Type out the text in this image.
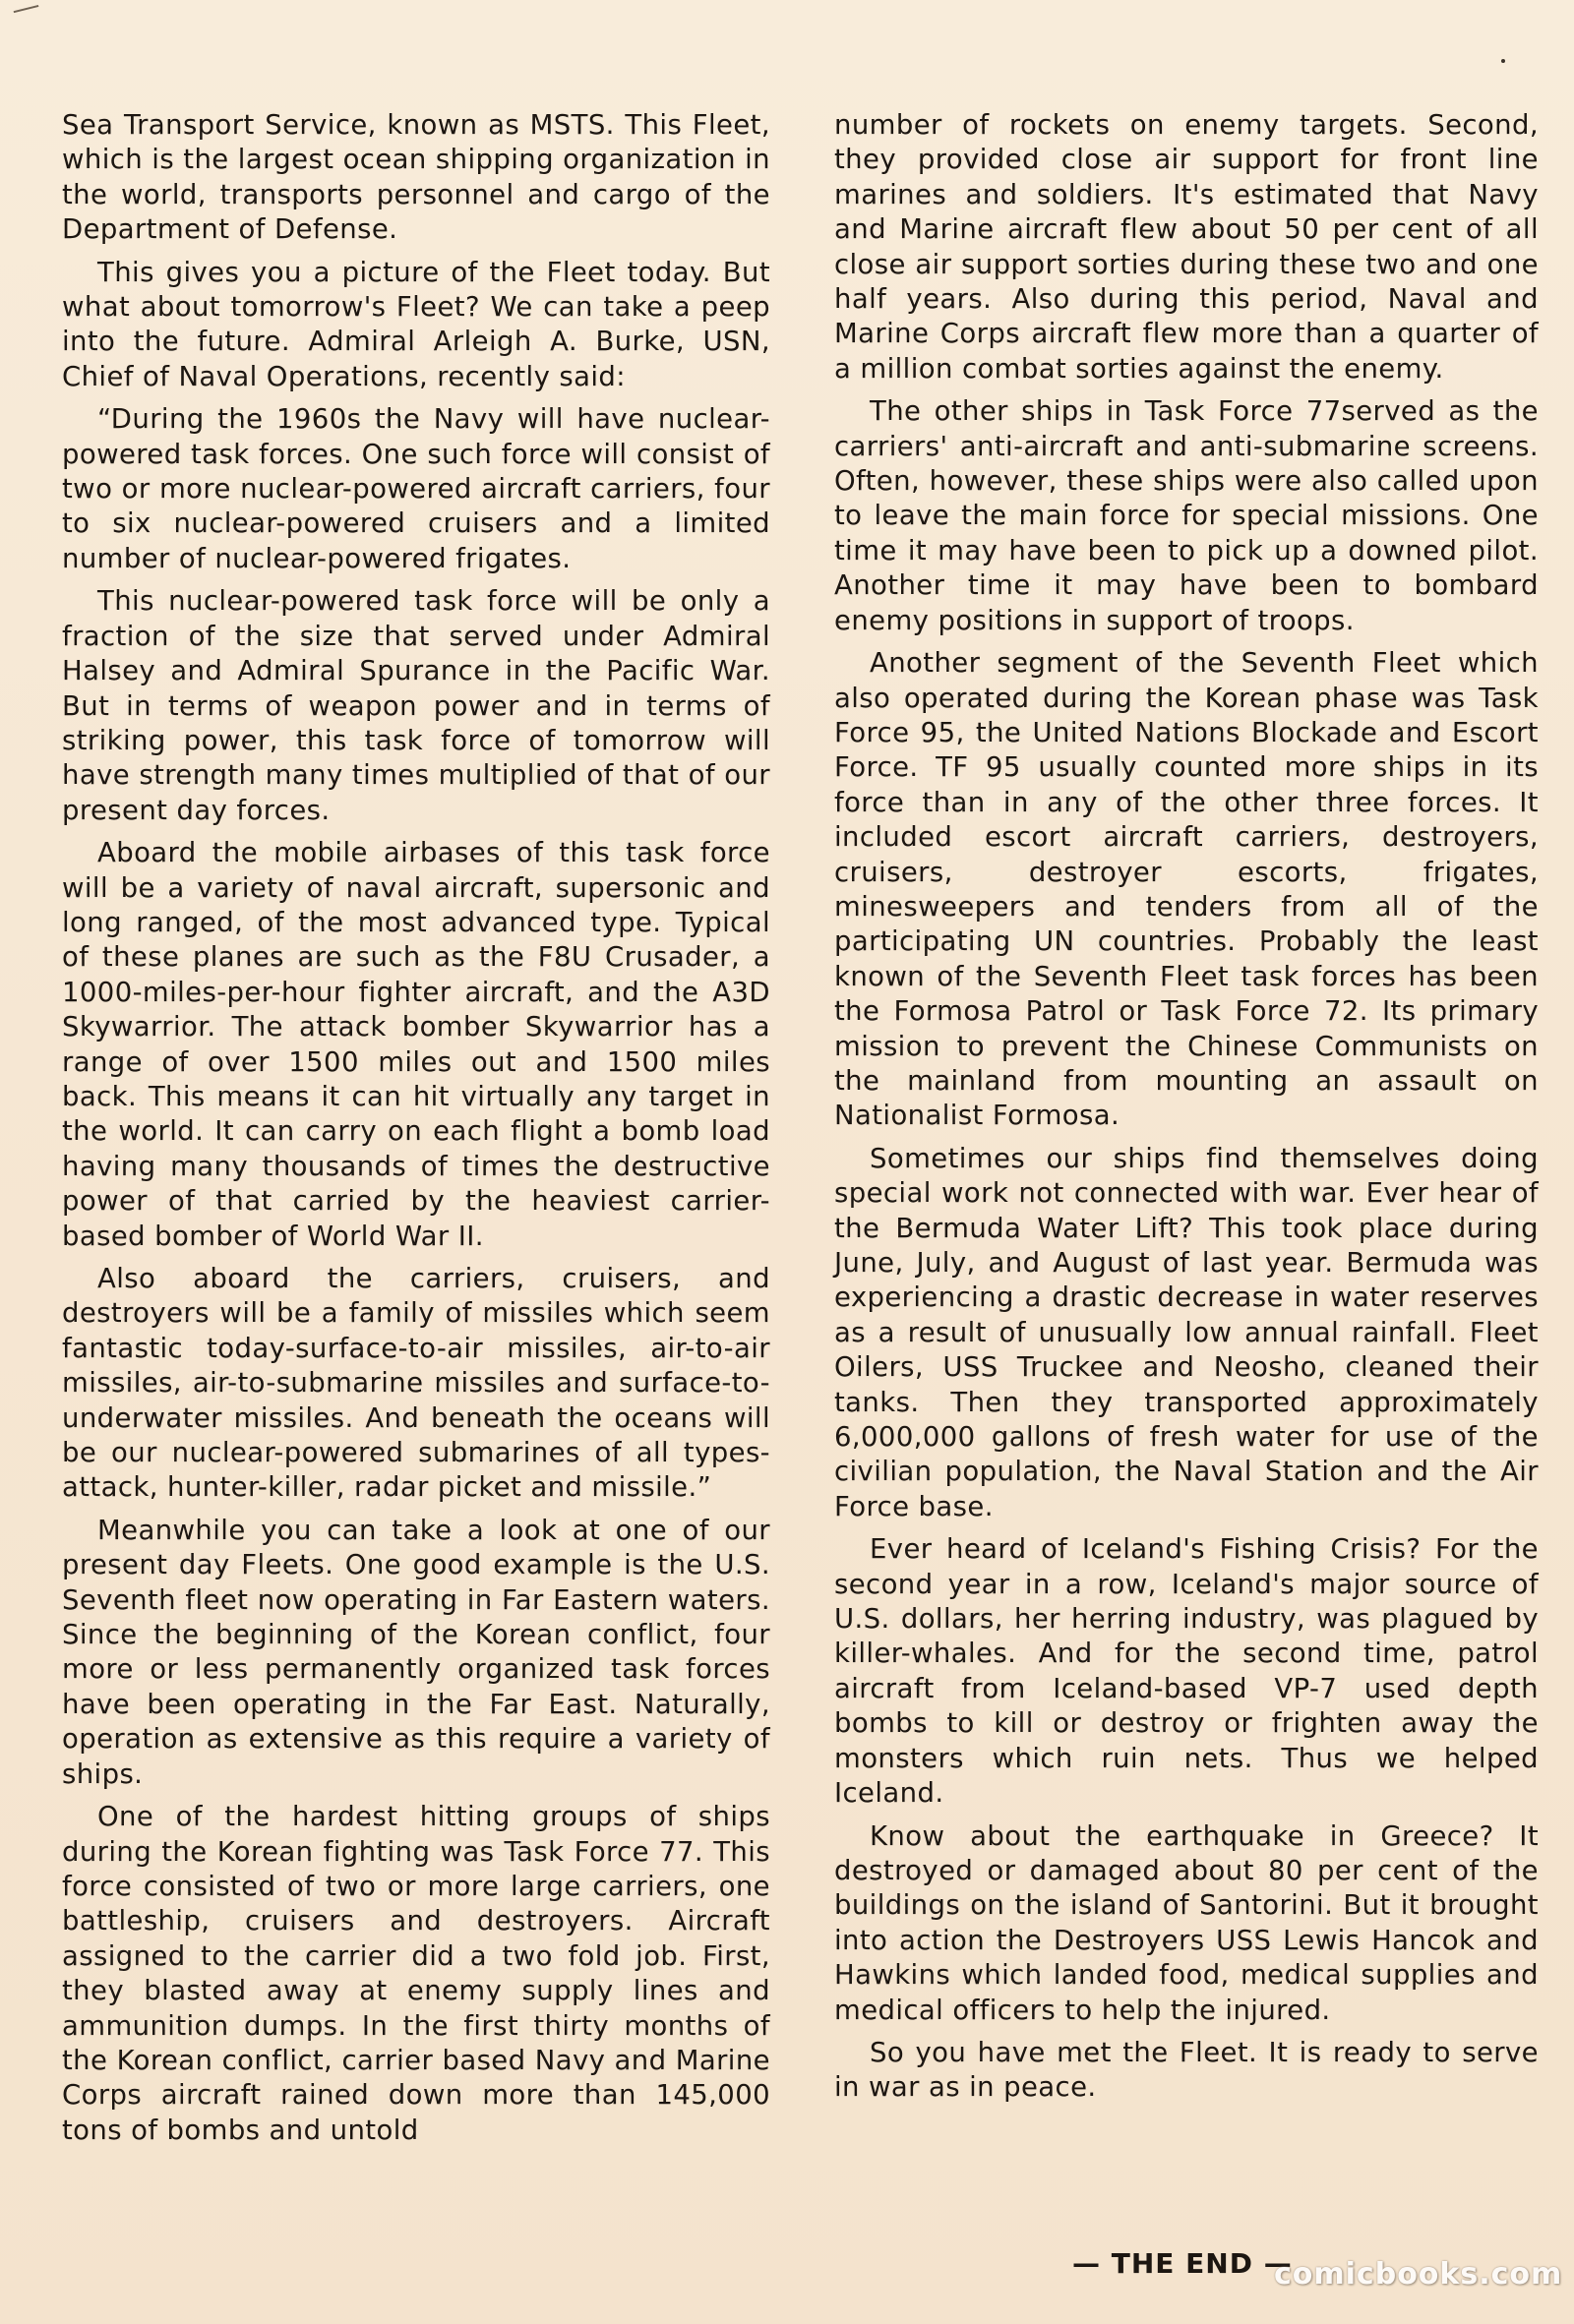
Sea Transport Service, known as MSTS. This Fleet, which is the largest ocean shipping organization in the world, transports personnel and cargo of the Department of Defense.

This gives you a picture of the Fleet today. But what about tomorrow's Fleet? We can take a peep into the future. Admiral Arleigh A. Burke, USN, Chief of Naval Operations, recently said:

“During the 1960s the Navy will have nuclear-powered task forces. One such force will consist of two or more nuclear-powered aircraft carriers, four to six nuclear-powered cruisers and a limited number of nuclear-powered frigates.

This nuclear-powered task force will be only a fraction of the size that served under Admiral Halsey and Admiral Spurance in the Pacific War. But in terms of weapon power and in terms of striking power, this task force of tomorrow will have strength many times multiplied of that of our present day forces.

Aboard the mobile airbases of this task force will be a variety of naval aircraft, supersonic and long ranged, of the most advanced type. Typical of these planes are such as the F8U Crusader, a 1000-miles-per-hour fighter aircraft, and the A3D Skywarrior. The attack bomber Skywarrior has a range of over 1500 miles out and 1500 miles back. This means it can hit virtually any target in the world. It can carry on each flight a bomb load having many thousands of times the destructive power of that carried by the heaviest carrier-based bomber of World War II.

Also aboard the carriers, cruisers, and destroyers will be a family of missiles which seem fantastic today-surface-to-air missiles, air-to-air missiles, air-to-submarine missiles and surface-to-underwater missiles. And beneath the oceans will be our nuclear-powered submarines of all types-attack, hunter-killer, radar picket and missile.”

Meanwhile you can take a look at one of our present day Fleets. One good example is the U.S. Seventh fleet now operating in Far Eastern waters. Since the beginning of the Korean conflict, four more or less permanently organized task forces have been operating in the Far East. Naturally, operation as extensive as this require a variety of ships.

One of the hardest hitting groups of ships during the Korean fighting was Task Force 77. This force consisted of two or more large carriers, one battleship, cruisers and destroyers. Aircraft assigned to the carrier did a two fold job. First, they blasted away at enemy supply lines and ammunition dumps. In the first thirty months of the Korean conflict, carrier based Navy and Marine Corps aircraft rained down more than 145,000 tons of bombs and untold

number of rockets on enemy targets. Second, they provided close air support for front line marines and soldiers. It's estimated that Navy and Marine aircraft flew about 50 per cent of all close air support sorties during these two and one half years. Also during this period, Naval and Marine Corps aircraft flew more than a quarter of a million combat sorties against the enemy.

The other ships in Task Force 77served as the carriers' anti-aircraft and anti-submarine screens. Often, however, these ships were also called upon to leave the main force for special missions. One time it may have been to pick up a downed pilot. Another time it may have been to bombard enemy positions in support of troops.

Another segment of the Seventh Fleet which also operated during the Korean phase was Task Force 95, the United Nations Blockade and Escort Force. TF 95 usually counted more ships in its force than in any of the other three forces. It included escort aircraft carriers, destroyers, cruisers, destroyer escorts, frigates, minesweepers and tenders from all of the participating UN countries. Probably the least known of the Seventh Fleet task forces has been the Formosa Patrol or Task Force 72. Its primary mission to prevent the Chinese Communists on the mainland from mounting an assault on Nationalist Formosa.

Sometimes our ships find themselves doing special work not connected with war. Ever hear of the Bermuda Water Lift? This took place during June, July, and August of last year. Bermuda was experiencing a drastic decrease in water reserves as a result of unusually low annual rainfall. Fleet Oilers, USS Truckee and Neosho, cleaned their tanks. Then they transported approximately 6,000,000 gallons of fresh water for use of the civilian population, the Naval Station and the Air Force base.

Ever heard of Iceland's Fishing Crisis? For the second year in a row, Iceland's major source of U.S. dollars, her herring industry, was plagued by killer-whales. And for the second time, patrol aircraft from Iceland-based VP-7 used depth bombs to kill or destroy or frighten away the monsters which ruin nets. Thus we helped Iceland.

Know about the earthquake in Greece? It destroyed or damaged about 80 per cent of the buildings on the island of Santorini. But it brought into action the Destroyers USS Lewis Hancok and Hawkins which landed food, medical supplies and medical officers to help the injured.

So you have met the Fleet. It is ready to serve in war as in peace.

— THE END —
comicbooks.com
